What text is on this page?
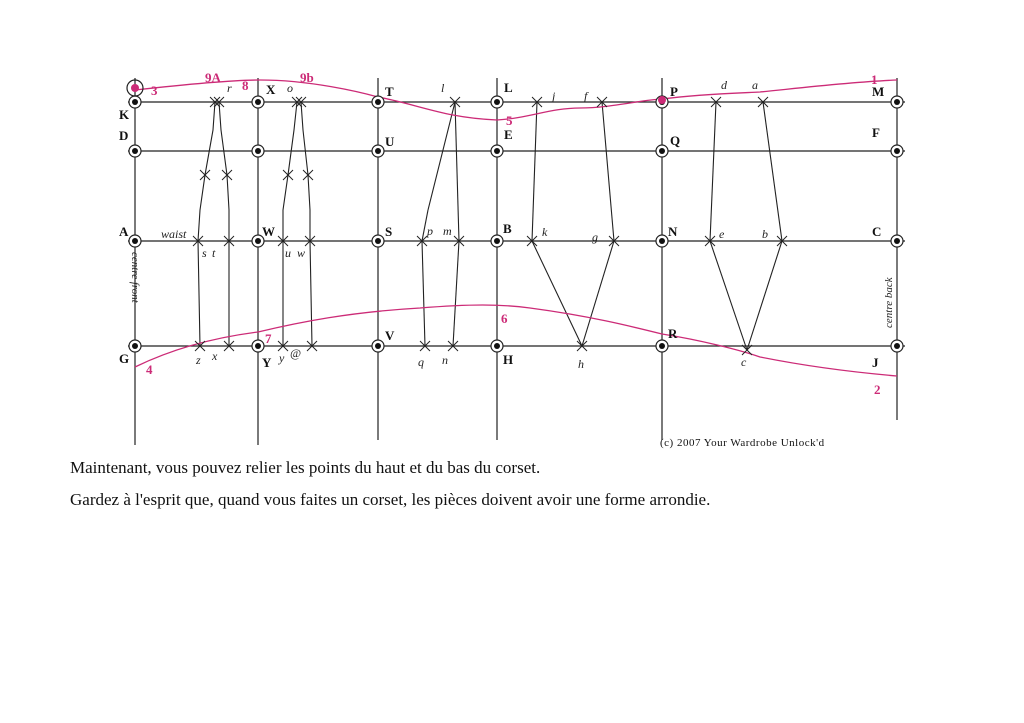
K
D
A
G
X
W
Y
T
U
S
V
L
E
B
H
P
Q
N
R
M
F
C
J
9A
8
9b
r	o
waist
s t	u w
z x	y @
l
p m
q n
j f
k	g
h
d a
e	b
c
3
5
1
7
6
4
2
centre front	centre back
(c) 2007 Your Wardrobe Unlock'd
Maintenant, vous pouvez relier les points du haut et du bas du corset.
Gardez à l'esprit que, quand vous faites un corset, les pièces doivent avoir une forme arrondie.
